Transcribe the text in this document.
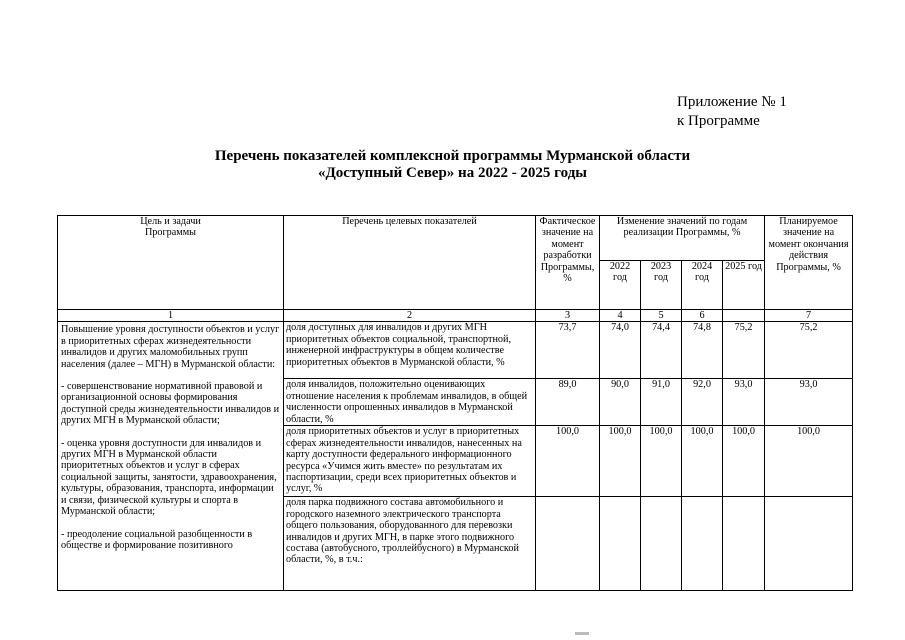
Приложение № 1
к Программе
Перечень показателей комплексной программы Мурманской области
«Доступный Север» на 2022 - 2025 годы
Цель и задачи
Программы	Перечень целевых показателей	Фактическое значение на момент разработки Программы, %	Изменение значений по годам реализации Программы, %				Планируемое значение на момент окончания действия Программы, %
			2022 год	2023 год	2024 год	2025 год	
1	2	3	4	5	6		7

Повышение уровня доступности объектов и услуг в приоритетных сферах жизнедеятельности инвалидов и других маломобильных групп населения (далее – МГН) в Мурманской области:

- совершенствование нормативной правовой и организационной основы формирования доступной среды жизнедеятельности инвалидов и других МГН в Мурманской области;

- оценка уровня доступности для инвалидов и других МГН в Мурманской области приоритетных объектов и услуг в сферах социальной защиты, занятости, здравоохранения, культуры, образования, транспорта, информации и связи, физической культуры и спорта в Мурманской области;

- преодоление социальной разобщенности в обществе и формирование позитивного	доля доступных для инвалидов и других МГН приоритетных объектов социальной, транспортной, инженерной инфраструктуры в общем количестве приоритетных объектов в Мурманской области, %	73,7	74,0	74,4	74,8	75,2	75,2
	доля инвалидов, положительно оценивающих отношение населения к проблемам инвалидов, в общей численности опрошенных инвалидов в Мурманской области, %	89,0	90,0	91,0	92,0	93,0	93,0
	доля приоритетных объектов и услуг в приоритетных сферах жизнедеятельности инвалидов, нанесенных на карту доступности федерального информационного ресурса «Учимся жить вместе» по результатам их паспортизации, среди всех приоритетных объектов и услуг, %	100,0	100,0	100,0	100,0	100,0	100,0
	доля парка подвижного состава автомобильного и городского наземного электрического транспорта общего пользования, оборудованного для перевозки инвалидов и других МГН, в парке этого подвижного состава (автобусного, троллейбусного) в Мурманской области, %, в т.ч.:						
